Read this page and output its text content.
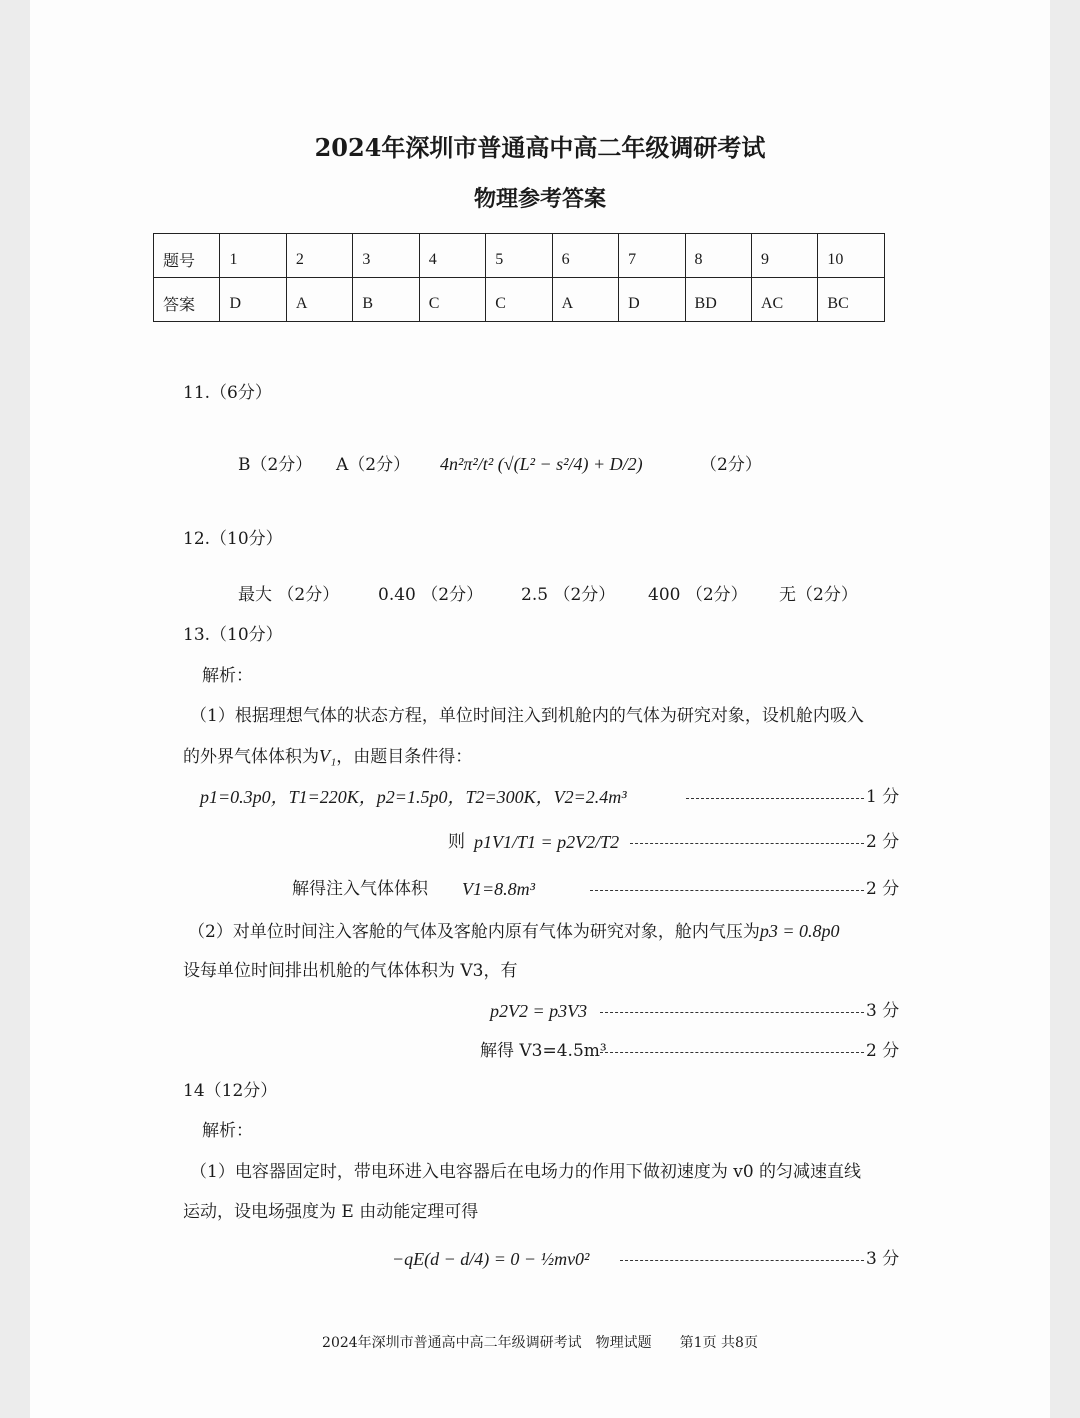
2024年深圳市普通高中高二年级调研考试
物理参考答案
题号	1	2	3	4	5	6	7	8	9	10
答案	D	A	B	C	C	A	D	BD	AC	BC
11.（6分）
B（2分） A（2分） 4n²π²/t² (√(L² − s²/4) + D/2)	（2分）
12.（10分）
最大 （2分） 0.40 （2分） 2.5 （2分） 400 （2分） 无（2分）
13.（10分）
解析：
（1）根据理想气体的状态方程，单位时间注入到机舱内的气体为研究对象，设机舱内吸入
的外界气体体积为V₁，由题目条件得：
p1=0.3p0，T1=220K，p2=1.5p0，T2=300K，V2=2.4m³	1 分
则 p1V1/T1 = p2V2/T2	2 分
解得注入气体体积 V1=8.8m³	2 分
（2）对单位时间注入客舱的气体及客舱内原有气体为研究对象，舱内气压为p3 = 0.8p0
设每单位时间排出机舱的气体体积为 V3，有
p2V2 = p3V3	3 分
解得 V3=4.5m³	2 分
14（12分）
解析：
（1）电容器固定时，带电环进入电容器后在电场力的作用下做初速度为 v0 的匀减速直线
运动，设电场强度为 E 由动能定理可得
−qE(d − d/4) = 0 − ½mv0²	3 分
2024年深圳市普通高中高二年级调研考试　物理试题　　第1页 共8页
